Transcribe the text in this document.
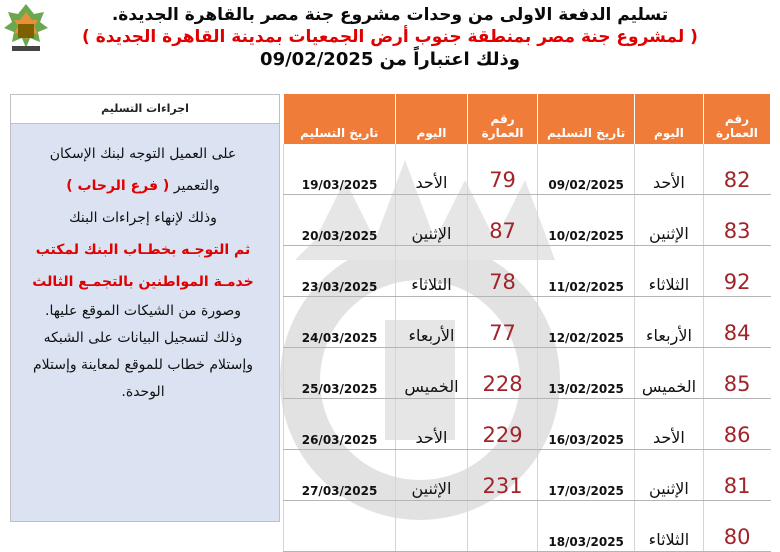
تسليم الدفعة الاولى من وحدات مشروع جنة مصر بالقاهرة الجديدة.
( لمشروع جنة مصر بمنطقة جنوب أرض الجمعيات بمدينة القاهرة الجديدة )
وذلك اعتباراً من 09/02/2025
رقم العمارة	اليوم	تاريخ التسليم	رقم العمارة	اليوم	تاريخ التسليم
82	الأحد	09/02/2025	79	الأحد	19/03/2025
83	الإثنين	10/02/2025	87	الإثنين	20/03/2025
92	الثلاثاء	11/02/2025	78	الثلاثاء	23/03/2025
84	الأربعاء	12/02/2025	77	الأربعاء	24/03/2025
85	الخميس	13/02/2025	228	الخميس	25/03/2025
86	الأحد	16/03/2025	229	الأحد	26/03/2025
81	الإثنين	17/03/2025	231	الإثنين	27/03/2025
80	الثلاثاء	18/03/2025			
اجراءات التسليم

على العميل التوجه لبنك الإسكان

والتعمير ( فرع الرحاب )

وذلك لإنهاء إجراءات البنك

ثم التوجـه بخطـاب البنك لمكتب

خدمـة المواطنين بالتجمـع الثالث

وصورة من الشيكات الموقع عليها.

وذلك لتسجيل البيانات على الشبكه

وإستلام خطاب للموقع لمعاينة وإستلام

الوحدة.
